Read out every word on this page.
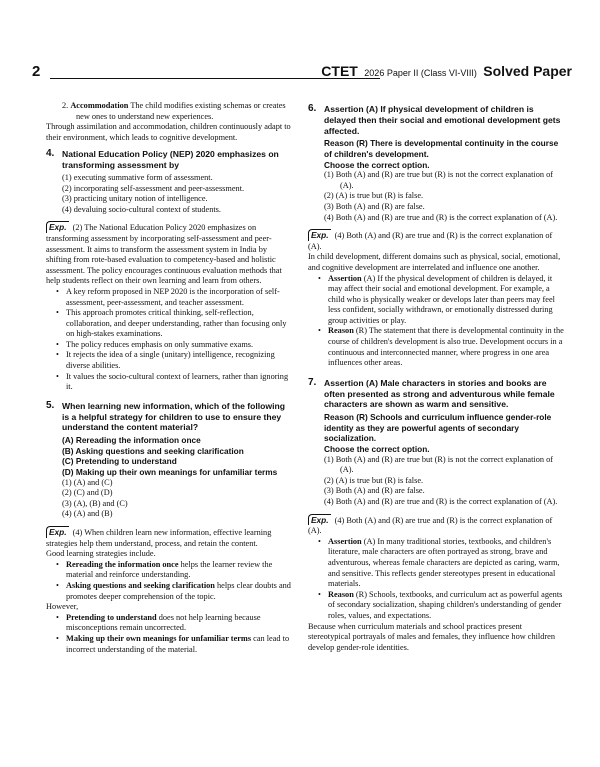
2	CTET 2026 Paper II (Class VI-VIII) Solved Paper

2. Accommodation The child modifies existing schemas or creates new ones to understand new experiences.

Through assimilation and accommodation, children continuously adapt to their environment, which leads to cognitive development.

4. National Education Policy (NEP) 2020 emphasizes on transforming assessment by

(1) executing summative form of assessment.

(2) incorporating self-assessment and peer-assessment.

(3) practicing unitary notion of intelligence.

(4) devaluing socio-cultural context of students.

Exp. (2) The National Education Policy 2020 emphasizes on transforming assessment by incorporating self-assessment and peer-assessment. It aims to transform the assessment system in India by shifting from rote-based evaluation to competency-based and holistic assessment. The policy encourages continuous evaluation methods that help students reflect on their own learning and learn from others.

• A key reform proposed in NEP 2020 is the incorporation of self-assessment, peer-assessment, and teacher assessment.

• This approach promotes critical thinking, self-reflection, collaboration, and deeper understanding, rather than focusing only on high-stakes examinations.

• The policy reduces emphasis on only summative exams.

• It rejects the idea of a single (unitary) intelligence, recognizing diverse abilities.

• It values the socio-cultural context of learners, rather than ignoring it.

5. When learning new information, which of the following is a helpful strategy for children to use to ensure they understand the content material?

(A) Rereading the information once

(B) Asking questions and seeking clarification

(C) Pretending to understand

(D) Making up their own meanings for unfamiliar terms

(1) (A) and (C)

(2) (C) and (D)

(3) (A), (B) and (C)

(4) (A) and (B)

Exp. (4) When children learn new information, effective learning strategies help them understand, process, and retain the content.

Good learning strategies include.

• Rereading the information once helps the learner review the material and reinforce understanding.

• Asking questions and seeking clarification helps clear doubts and promotes deeper comprehension of the topic.

However,

• Pretending to understand does not help learning because misconceptions remain uncorrected.

• Making up their own meanings for unfamiliar terms can lead to incorrect understanding of the material.

6. Assertion (A) If physical development of children is delayed then their social and emotional development gets affected.

Reason (R) There is developmental continuity in the course of children's development.

Choose the correct option.

(1) Both (A) and (R) are true but (R) is not the correct explanation of (A).

(2) (A) is true but (R) is false.

(3) Both (A) and (R) are false.

(4) Both (A) and (R) are true and (R) is the correct explanation of (A).

Exp. (4) Both (A) and (R) are true and (R) is the correct explanation of (A).

In child development, different domains such as physical, social, emotional, and cognitive development are interrelated and influence one another.

• Assertion (A) If the physical development of children is delayed, it may affect their social and emotional development. For example, a child who is physically weaker or develops later than peers may feel less confident, socially withdrawn, or emotionally distressed during group activities or play.

• Reason (R) The statement that there is developmental continuity in the course of children's development is also true. Development occurs in a continuous and interconnected manner, where progress in one area influences other areas.

7. Assertion (A) Male characters in stories and books are often presented as strong and adventurous while female characters are shown as warm and sensitive.

Reason (R) Schools and curriculum influence gender-role identity as they are powerful agents of secondary socialization.

Choose the correct option.

(1) Both (A) and (R) are true but (R) is not the correct explanation of (A).

(2) (A) is true but (R) is false.

(3) Both (A) and (R) are false.

(4) Both (A) and (R) are true and (R) is the correct explanation of (A).

Exp. (4) Both (A) and (R) are true and (R) is the correct explanation of (A).

• Assertion (A) In many traditional stories, textbooks, and children's literature, male characters are often portrayed as strong, brave and adventurous, whereas female characters are depicted as caring, warm, and sensitive. This reflects gender stereotypes present in educational materials.

• Reason (R) Schools, textbooks, and curriculum act as powerful agents of secondary socialization, shaping children's understanding of gender roles, values, and expectations.

Because when curriculum materials and school practices present stereotypical portrayals of males and females, they influence how children develop gender-role identities.
